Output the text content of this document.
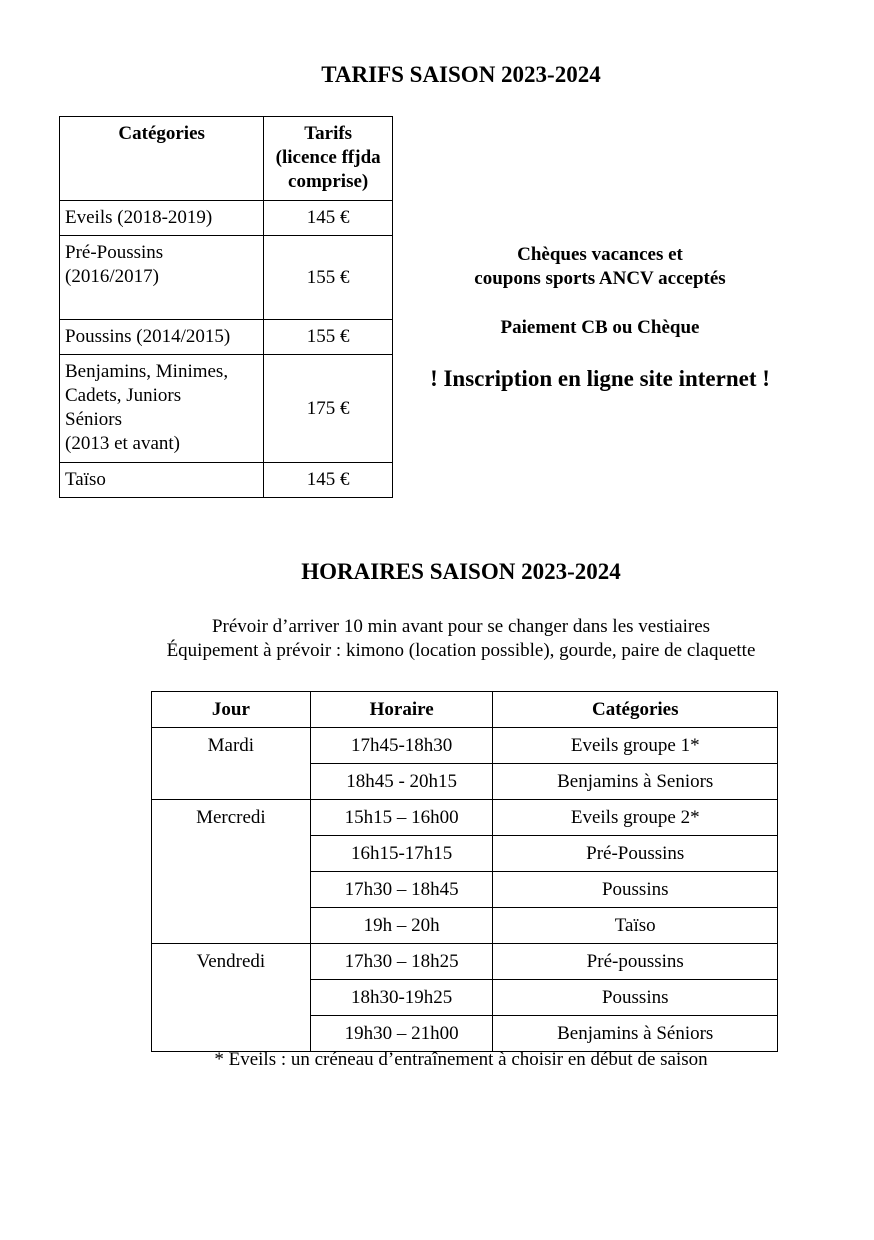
TARIFS SAISON 2023-2024
Catégories	Tarifs
(licence ffjda
comprise)
Eveils (2018-2019)	145 €
Pré-Poussins
(2016/2017)	155 €
Poussins (2014/2015)	155 €
Benjamins, Minimes,
Cadets, Juniors
Séniors
(2013 et avant)	175 €
Taïso	145 €
Chèques vacances et
coupons sports ANCV acceptés
Paiement CB ou Chèque
! Inscription en ligne site internet !
HORAIRES SAISON 2023-2024
Prévoir d’arriver 10 min avant pour se changer dans les vestiaires
Équipement à prévoir : kimono (location possible), gourde, paire de claquette
Jour	Horaire	Catégories
Mardi	17h45-18h30	Eveils groupe 1*
	18h45 - 20h15	Benjamins à Seniors
Mercredi	15h15 – 16h00	Eveils groupe 2*
	16h15-17h15	Pré-Poussins
	17h30 – 18h45	Poussins
	19h – 20h	Taïso
Vendredi	17h30 – 18h25	Pré-poussins
	18h30-19h25	Poussins
	19h30 – 21h00	Benjamins à Séniors
* Eveils : un créneau d’entraînement à choisir en début de saison
